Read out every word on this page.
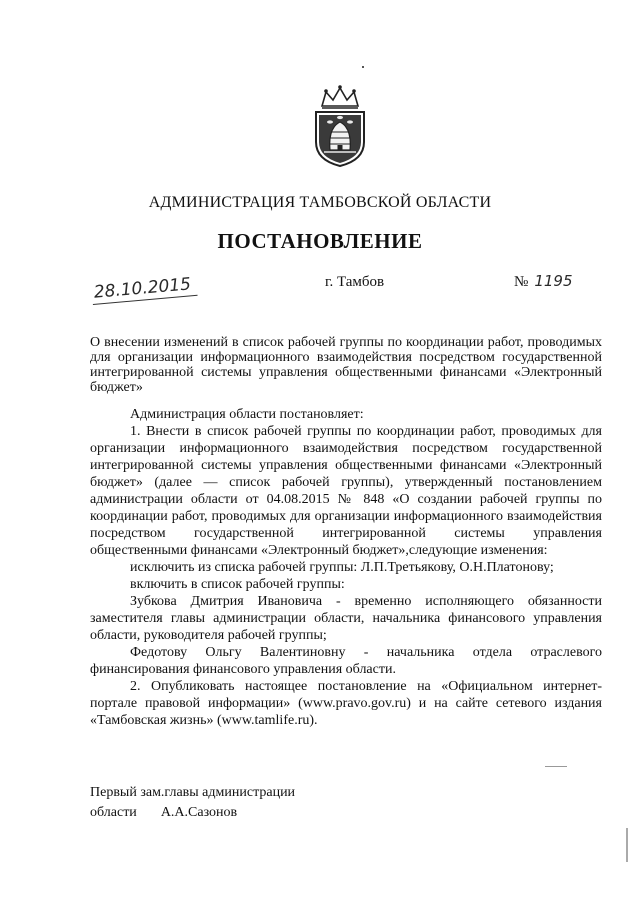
АДМИНИСТРАЦИЯ ТАМБОВСКОЙ ОБЛАСТИ
ПОСТАНОВЛЕНИЕ
28.10.2015	г. Тамбов	№ 1195

О внесении изменений в список рабочей группы по координации работ, проводимых для организации информационного взаимодействия посредством государственной интегрированной системы управления общественными финансами «Электронный бюджет»

Администрация области постановляет:

1. Внести в список рабочей группы по координации работ, проводимых для организации информационного взаимодействия посредством государственной интегрированной системы управления общественными финансами «Электронный бюджет» (далее — список рабочей группы), утвержденный постановлением администрации области от 04.08.2015 № 848 «О создании рабочей группы по координации работ, проводимых для организации информационного взаимодействия посредством государственной интегрированной системы управления общественными финансами «Электронный бюджет»,следующие изменения:

исключить из списка рабочей группы: Л.П.Третьякову, О.Н.Платонову;

включить в список рабочей группы:

Зубкова Дмитрия Ивановича - временно исполняющего обязанности заместителя главы администрации области, начальника финансового управления области, руководителя рабочей группы;

Федотову Ольгу Валентиновну - начальника отдела отраслевого финансирования финансового управления области.

2. Опубликовать настоящее постановление на «Официальном интернет-портале правовой информации» (www.pravo.gov.ru) и на сайте сетевого издания «Тамбовская жизнь» (www.tamlife.ru).

Первый зам.главы администрации
области А.А.Сазонов
